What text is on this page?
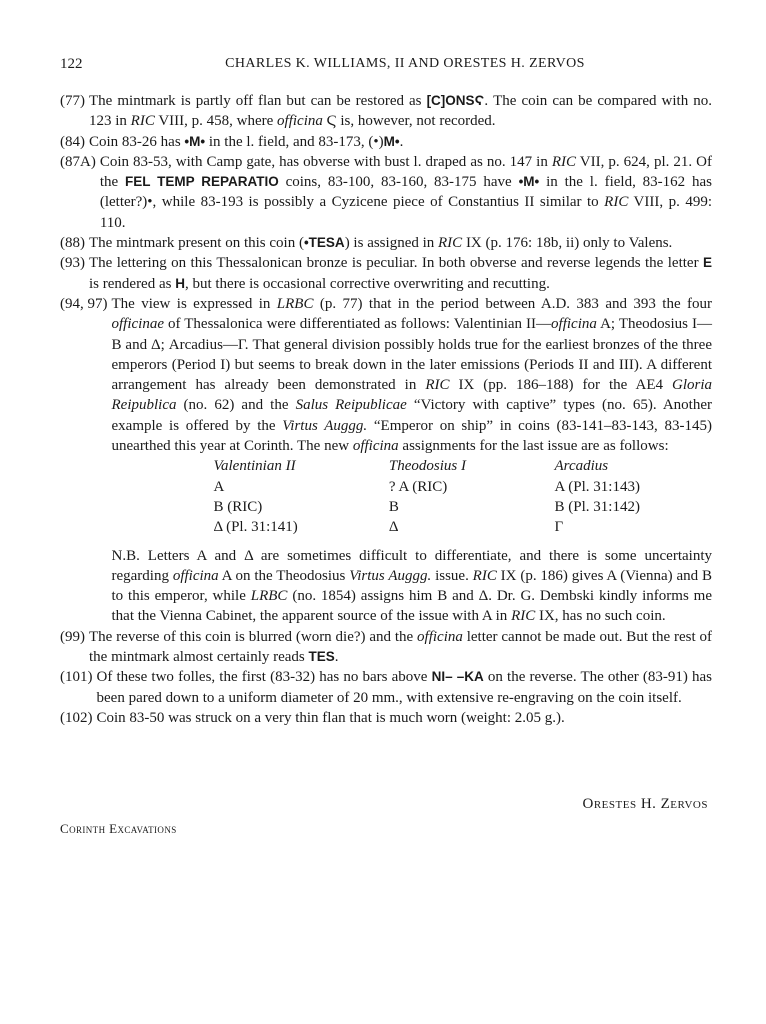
122	CHARLES K. WILLIAMS, II AND ORESTES H. ZERVOS
(77) The mintmark is partly off flan but can be restored as [C]ONSϚ. The coin can be compared with no. 123 in RIC VIII, p. 458, where officina Ϛ is, however, not recorded.
(84) Coin 83-26 has •M• in the l. field, and 83-173, (•)M•.
(87A) Coin 83-53, with Camp gate, has obverse with bust l. draped as no. 147 in RIC VII, p. 624, pl. 21. Of the FEL TEMP REPARATIO coins, 83-100, 83-160, 83-175 have •M• in the l. field, 83-162 has (letter?)•, while 83-193 is possibly a Cyzicene piece of Constantius II similar to RIC VIII, p. 499: 110.
(88) The mintmark present on this coin (•TESA) is assigned in RIC IX (p. 176: 18b, ii) only to Valens.
(93) The lettering on this Thessalonican bronze is peculiar. In both obverse and reverse legends the letter E is rendered as H, but there is occasional corrective overwriting and recutting.
(94, 97) The view is expressed in LRBC (p. 77) that in the period between A.D. 383 and 393 the four officinae of Thessalonica were differentiated as follows: Valentinian II—officina A; Theodosius I—B and Δ; Arcadius—Γ. That general division possibly holds true for the earliest bronzes of the three emperors (Period I) but seems to break down in the later emissions (Periods II and III). A different arrangement has already been demonstrated in RIC IX (pp. 186–188) for the AE4 Gloria Reipublica (no. 62) and the Salus Reipublicae “Victory with captive” types (no. 65). Another example is offered by the Virtus Auggg. “Emperor on ship” in coins (83-141–83-143, 83-145) unearthed this year at Corinth. The new officina assignments for the last issue are as follows:
Valentinian II	Theodosius I	Arcadius
A	? A (RIC)	A (Pl. 31:143)
B (RIC)	B	B (Pl. 31:142)
Δ (Pl. 31:141)	Δ	Γ
N.B. Letters A and Δ are sometimes difficult to differentiate, and there is some uncertainty regarding officina A on the Theodosius Virtus Auggg. issue. RIC IX (p. 186) gives A (Vienna) and B to this emperor, while LRBC (no. 1854) assigns him B and Δ. Dr. G. Dembski kindly informs me that the Vienna Cabinet, the apparent source of the issue with A in RIC IX, has no such coin.
(99) The reverse of this coin is blurred (worn die?) and the officina letter cannot be made out. But the rest of the mintmark almost certainly reads TES.
(101) Of these two folles, the first (83-32) has no bars above NI– –KA on the reverse. The other (83-91) has been pared down to a uniform diameter of 20 mm., with extensive re-engraving on the coin itself.
(102) Coin 83-50 was struck on a very thin flan that is much worn (weight: 2.05 g.).
Orestes H. Zervos
Corinth Excavations
